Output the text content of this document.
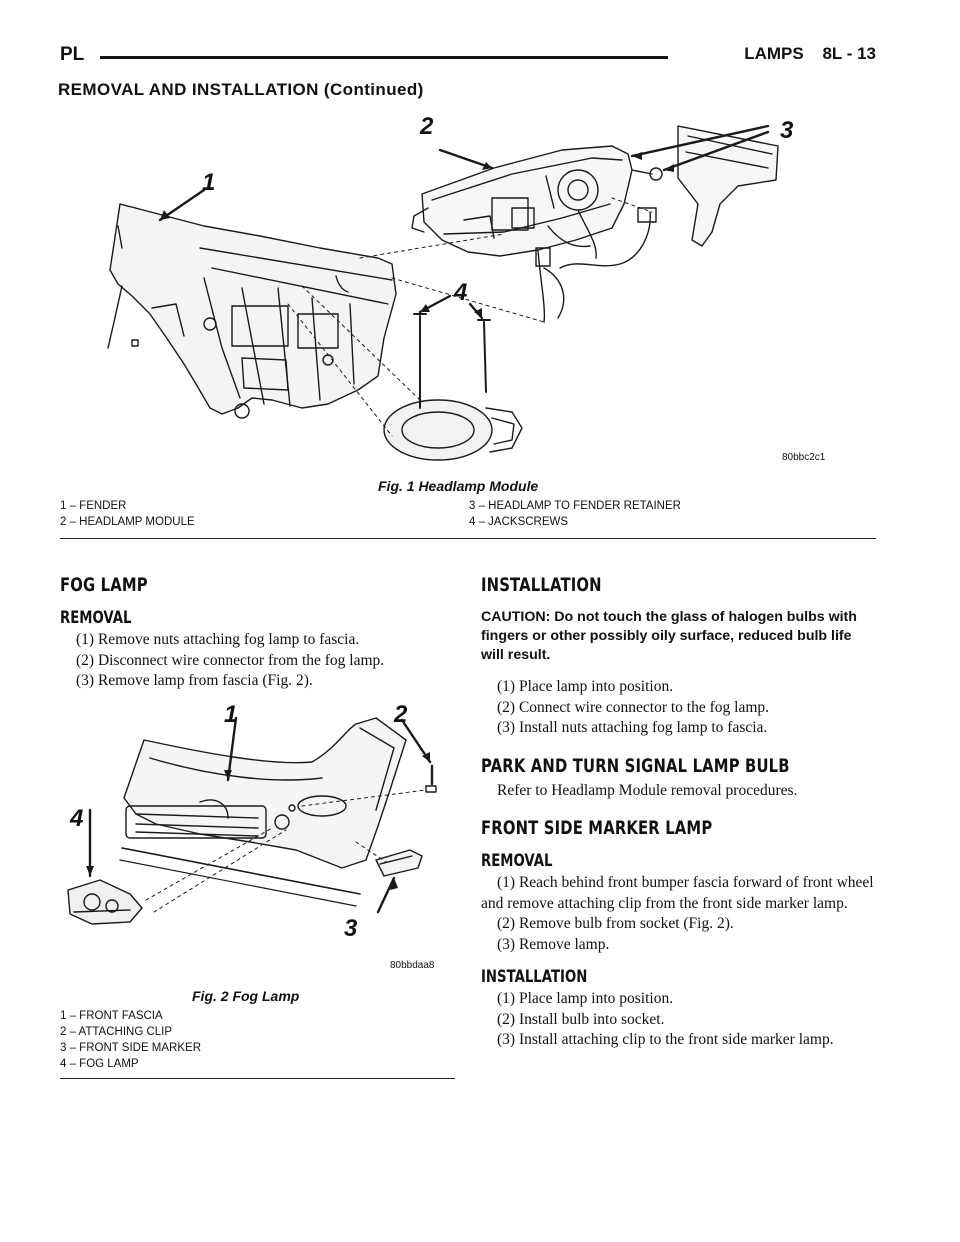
PL	LAMPS 8L - 13
REMOVAL AND INSTALLATION (Continued)
1
2	3
4
80bbc2c1
Fig. 1 Headlamp Module
1 – FENDER
2 – HEADLAMP MODULE
3 – HEADLAMP TO FENDER RETAINER
4 – JACKSCREWS
FOG LAMP
REMOVAL
(1) Remove nuts attaching fog lamp to fascia.
(2) Disconnect wire connector from the fog lamp.
(3) Remove lamp from fascia (Fig. 2).
1	2
3
4
80bbdaa8
Fig. 2 Fog Lamp
1 – FRONT FASCIA
2 – ATTACHING CLIP
3 – FRONT SIDE MARKER
4 – FOG LAMP
INSTALLATION
CAUTION: Do not touch the glass of halogen bulbs with fingers or other possibly oily surface, reduced bulb life will result.
(1) Place lamp into position.
(2) Connect wire connector to the fog lamp.
(3) Install nuts attaching fog lamp to fascia.
PARK AND TURN SIGNAL LAMP BULB
Refer to Headlamp Module removal procedures.
FRONT SIDE MARKER LAMP
REMOVAL
(1) Reach behind front bumper fascia forward of front wheel and remove attaching clip from the front side marker lamp.
(2) Remove bulb from socket (Fig. 2).
(3) Remove lamp.
INSTALLATION
(1) Place lamp into position.
(2) Install bulb into socket.
(3) Install attaching clip to the front side marker lamp.
